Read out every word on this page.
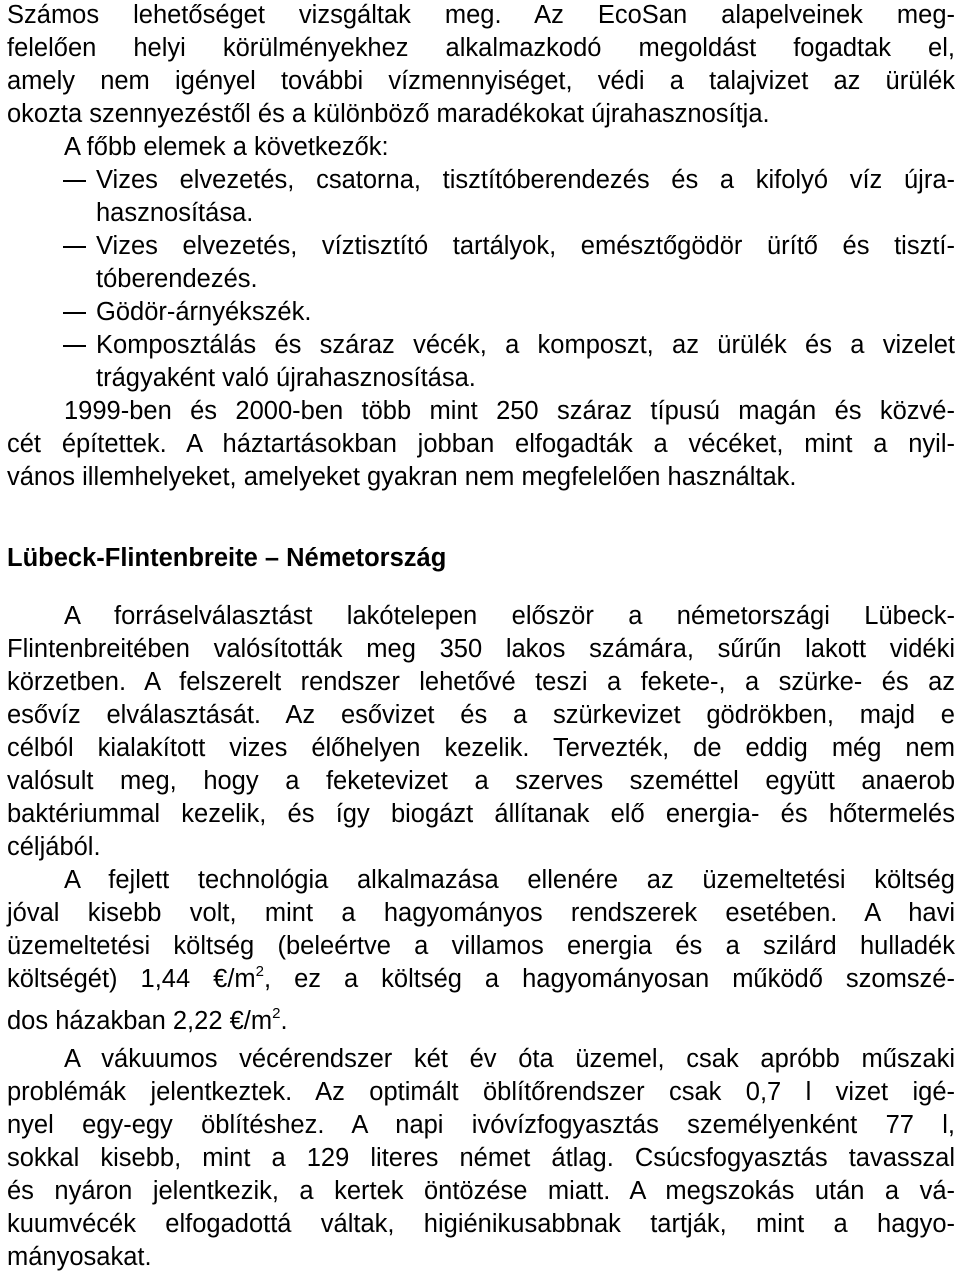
Számos lehetőséget vizsgáltak meg. Az EcoSan alapelveinek meg-
felelően helyi körülményekhez alkalmazkodó megoldást fogadtak el,
amely nem igényel további vízmennyiséget, védi a talajvizet az ürülék
okozta szennyezéstől és a különböző maradékokat újrahasznosítja.
A főbb elemek a következők:
Vizes elvezetés, csatorna, tisztítóberendezés és a kifolyó víz újra-
hasznosítása.
Vizes elvezetés, víztisztító tartályok, emésztőgödör ürítő és tisztí-
tóberendezés.
Gödör-árnyékszék.
Komposztálás és száraz vécék, a komposzt, az ürülék és a vizelet
trágyaként való újrahasznosítása.
1999-ben és 2000-ben több mint 250 száraz típusú magán és közvé-
cét építettek. A háztartásokban jobban elfogadták a vécéket, mint a nyil-
vános illemhelyeket, amelyeket gyakran nem megfelelően használtak.
Lübeck-Flintenbreite – Németország
A forráselválasztást lakótelepen először a németországi Lübeck-
Flintenbreitében valósították meg 350 lakos számára, sűrűn lakott vidéki
körzetben. A felszerelt rendszer lehetővé teszi a fekete-, a szürke- és az
esővíz elválasztását. Az esővizet és a szürkevizet gödrökben, majd e
célból kialakított vizes élőhelyen kezelik. Tervezték, de eddig még nem
valósult meg, hogy a feketevizet a szerves szeméttel együtt anaerob
baktériummal kezelik, és így biogázt állítanak elő energia- és hőtermelés
céljából.
A fejlett technológia alkalmazása ellenére az üzemeltetési költség
jóval kisebb volt, mint a hagyományos rendszerek esetében. A havi
üzemeltetési költség (beleértve a villamos energia és a szilárd hulladék
költségét) 1,44 $€/m^2$, ez a költség a hagyományosan működő szomszé-
dos házakban 2,22 $€/m^2$.
A vákuumos vécérendszer két év óta üzemel, csak apróbb műszaki
problémák jelentkeztek. Az optimált öblítőrendszer csak 0,7 l vizet igé-
nyel egy-egy öblítéshez. A napi ivóvízfogyasztás személyenként 77 l,
sokkal kisebb, mint a 129 literes német átlag. Csúcsfogyasztás tavasszal
és nyáron jelentkezik, a kertek öntözése miatt. A megszokás után a vá-
kuumvécék elfogadottá váltak, higiénikusabbnak tartják, mint a hagyo-
mányosakat.
